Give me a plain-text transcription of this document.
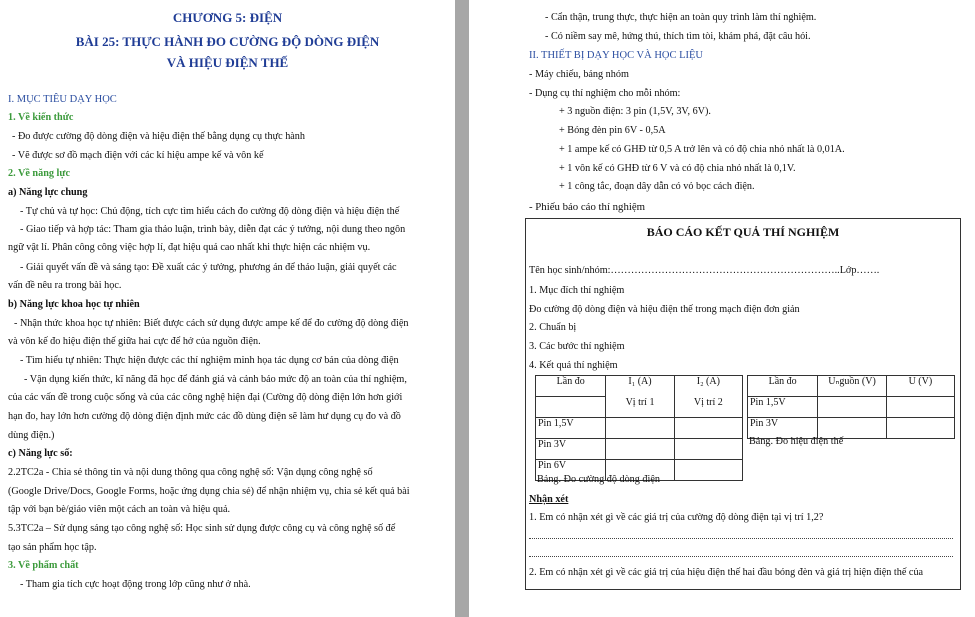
CHƯƠNG 5: ĐIỆN
BÀI 25: THỰC HÀNH ĐO CƯỜNG ĐỘ DÒNG ĐIỆN
VÀ HIỆU ĐIỆN THẾ
I. MỤC TIÊU DẠY HỌC
1. Về kiến thức
- Đo được cường độ dòng điện và hiệu điện thế bằng dụng cụ thực hành
- Vẽ được sơ đồ mạch điện với các kí hiệu ampe kế và vôn kế
2. Về năng lực
a) Năng lực chung
- Tự chủ và tự học: Chủ động, tích cực tìm hiểu cách đo cường độ dòng điện và hiệu điện thế
- Giao tiếp và hợp tác: Tham gia thảo luận, trình bày, diễn đạt các ý tưởng, nội dung theo ngôn
ngữ vật lí. Phân công công việc hợp lí, đạt hiệu quả cao nhất khi thực hiện các nhiệm vụ.
- Giải quyết vấn đề và sáng tạo: Đề xuất các ý tưởng, phương án để thảo luận, giải quyết các
vấn đề nêu ra trong bài học.
b) Năng lực khoa học tự nhiên
- Nhận thức khoa học tự nhiên: Biết được cách sử dụng được ampe kế để đo cường độ dòng điện
và vôn kế đo hiệu điện thế giữa hai cực để hở của nguồn điện.
- Tìm hiểu tự nhiên: Thực hiện được các thí nghiệm minh họa tác dụng cơ bản của dòng điện
- Vận dụng kiến thức, kĩ năng đã học để đánh giá và cảnh báo mức độ an toàn của thí nghiệm,
của các vấn đề trong cuộc sống và của các công nghệ hiện đại (Cường độ dòng điện lớn hơn giới
hạn đo, hay lớn hơn cường độ dòng điện định mức các đồ dùng điện sẽ làm hư dụng cụ đo và đồ
dùng điện.)
c) Năng lực số:
2.2TC2a - Chia sẻ thông tin và nội dung thông qua công nghệ số: Vận dụng công nghệ số
(Google Drive/Docs, Google Forms, hoặc ứng dụng chia sẻ) để nhận nhiệm vụ, chia sẻ kết quả bài
tập với bạn bè/giáo viên một cách an toàn và hiệu quả.
5.3TC2a – Sử dụng sáng tạo công nghệ số: Học sinh sử dụng được công cụ và công nghệ số để
tạo sản phẩm học tập.
3. Về phẩm chất
- Tham gia tích cực hoạt động trong lớp cũng như ở nhà.
- Cẩn thận, trung thực, thực hiện an toàn quy trình làm thí nghiệm.
- Có niềm say mê, hứng thú, thích tìm tòi, khám phá, đặt câu hỏi.
II. THIẾT BỊ DẠY HỌC VÀ HỌC LIỆU
- Máy chiếu, bảng nhóm
- Dụng cụ thí nghiệm cho mỗi nhóm:
+ 3 nguồn điện: 3 pin (1,5V, 3V, 6V).
+ Bóng đèn pin 6V - 0,5A
+ 1 ampe kế có GHĐ từ 0,5 A trở lên và có độ chia nhỏ nhất là 0,01A.
+ 1 vôn kế có GHĐ từ 6 V và có độ chia nhỏ nhất là 0,1V.
+ 1 công tắc, đoạn dây dẫn có vỏ bọc cách điện.
- Phiếu báo cáo thí nghiệm
BÁO CÁO KẾT QUẢ THÍ NGHIỆM
Tên học sinh/nhóm:…………………………………………………………..Lớp…….
1. Mục đích thí nghiệm
Đo cường độ dòng điện và hiệu điện thế trong mạch điện đơn giản
2. Chuẩn bị
3. Các bước thí nghiệm
4. Kết quả thí nghiệm
Lần đo	I₁ (A)	I₂ (A)
	Vị trí 1	Vị trí 2
Pin 1,5V		
Pin 3V		
Pin 6V		
Bảng. Đo cường độ dòng điện
Lần đo	Uₙguồn (V)	U (V)
Pin 1,5V		
Pin 3V		
Bảng. Đo hiệu điện thế
Nhận xét
1. Em có nhận xét gì về các giá trị của cường độ dòng điện tại vị trí 1,2?
2. Em có nhận xét gì về các giá trị của hiệu điện thế hai đầu bóng đèn và giá trị hiện điện thế của
